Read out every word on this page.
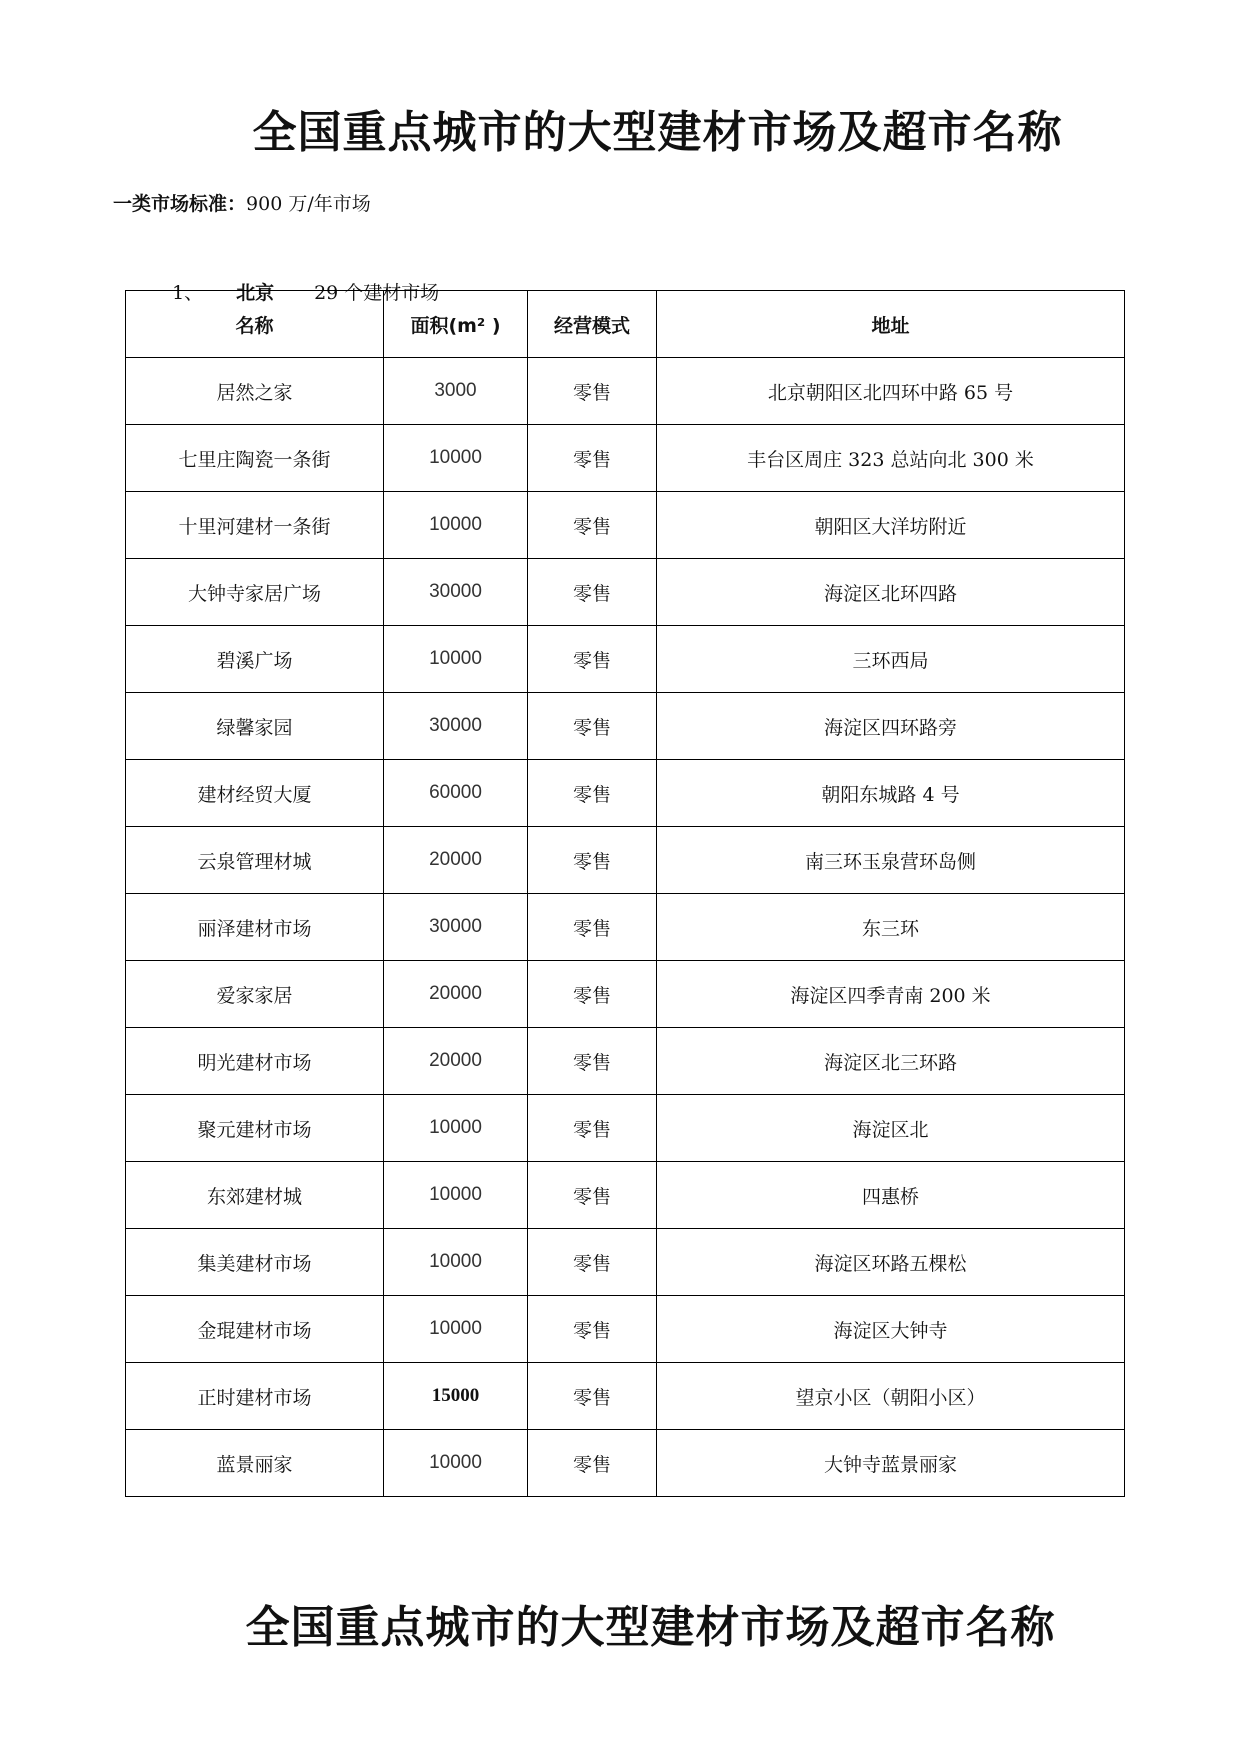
全国重点城市的大型建材市场及超市名称
一类市场标准：900 万/年市场

1、 北京 29 个建材市场

名称	面积(m² )	经营模式	地址
居然之家	3000	零售	北京朝阳区北四环中路 65 号
七里庄陶瓷一条街	10000	零售	丰台区周庄 323 总站向北 300 米
十里河建材一条街	10000	零售	朝阳区大洋坊附近
大钟寺家居广场	30000	零售	海淀区北环四路
碧溪广场	10000	零售	三环西局
绿馨家园	30000	零售	海淀区四环路旁
建材经贸大厦	60000	零售	朝阳东城路 4 号
云泉管理材城	20000	零售	南三环玉泉营环岛侧
丽泽建材市场	30000	零售	东三环
爱家家居	20000	零售	海淀区四季青南 200 米
明光建材市场	20000	零售	海淀区北三环路
聚元建材市场	10000	零售	海淀区北
东郊建材城	10000	零售	四惠桥
集美建材市场	10000	零售	海淀区环路五棵松
金琨建材市场	10000	零售	海淀区大钟寺
正时建材市场	15000	零售	望京小区（朝阳小区）
蓝景丽家	10000	零售	大钟寺蓝景丽家
全国重点城市的大型建材市场及超市名称
